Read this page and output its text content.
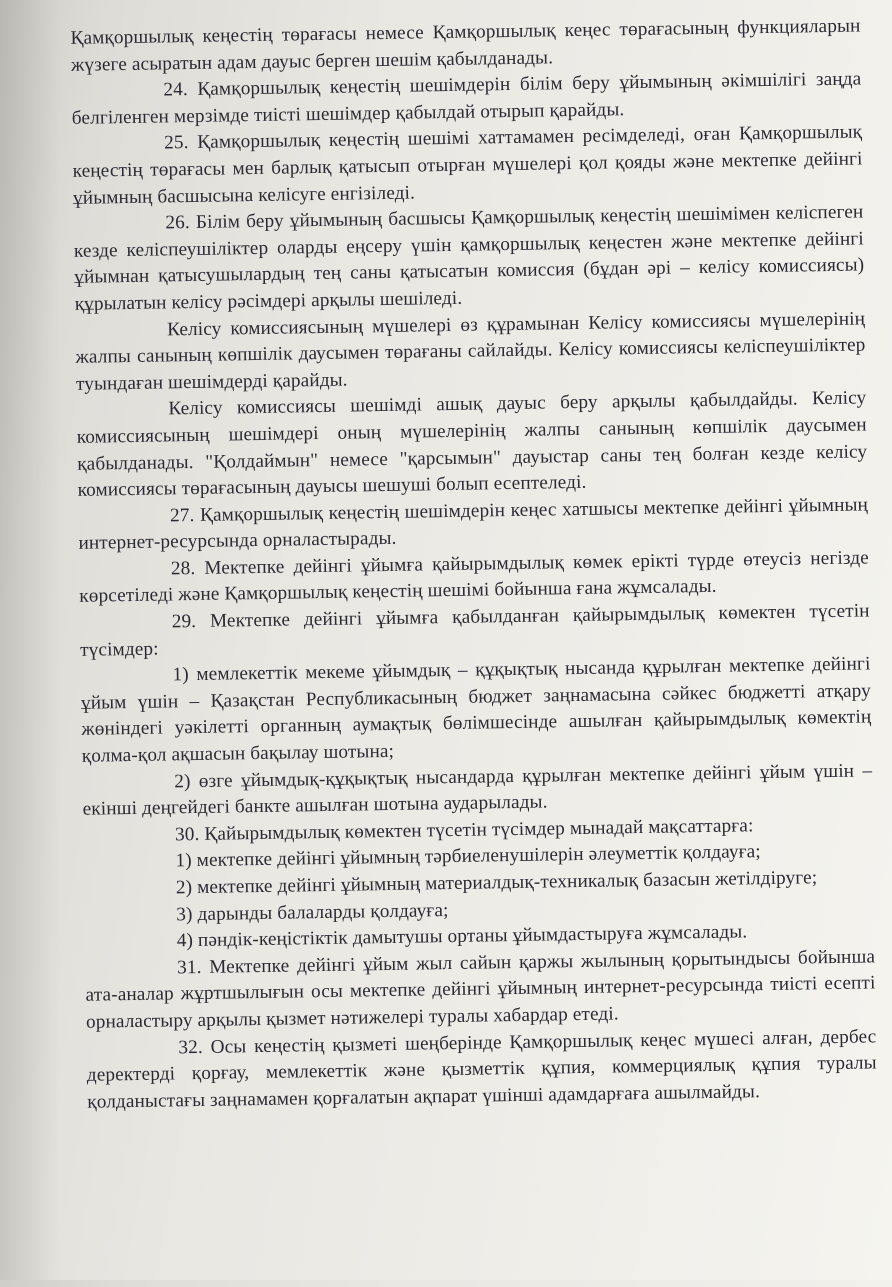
Қамқоршылық кеңестің төрағасы немесе Қамқоршылық кеңес төрағасының функцияларын жүзеге асыратын адам дауыс берген шешім қабылданады.

24. Қамқоршылық кеңестің шешімдерін білім беру ұйымының әкімшілігі заңда белгіленген мерзімде тиісті шешімдер қабылдай отырып қарайды.

25. Қамқоршылық кеңестің шешімі хаттамамен ресімделеді, оған Қамқоршылық кеңестің төрағасы мен барлық қатысып отырған мүшелері қол қояды және мектепке дейінгі ұйымның басшысына келісуге енгізіледі.

26. Білім беру ұйымының басшысы Қамқоршылық кеңестің шешімімен келіспеген кезде келіспеушіліктер оларды еңсеру үшін қамқоршылық кеңестен және мектепке дейінгі ұйымнан қатысушылардың тең саны қатысатын комиссия (бұдан әрі – келісу комиссиясы) құрылатын келісу рәсімдері арқылы шешіледі.

Келісу комиссиясының мүшелері өз құрамынан Келісу комиссиясы мүшелерінің жалпы санының көпшілік даусымен төрағаны сайлайды. Келісу комиссиясы келіспеушіліктер туындаған шешімдерді қарайды.

Келісу комиссиясы шешімді ашық дауыс беру арқылы қабылдайды. Келісу комиссиясының шешімдері оның мүшелерінің жалпы санының көпшілік даусымен қабылданады. "Қолдаймын" немесе "қарсымын" дауыстар саны тең болған кезде келісу комиссиясы төрағасының дауысы шешуші болып есептеледі.

27. Қамқоршылық кеңестің шешімдерін кеңес хатшысы мектепке дейінгі ұйымның интернет-ресурсында орналастырады.

28. Мектепке дейінгі ұйымға қайырымдылық көмек ерікті түрде өтеусіз негізде көрсетіледі және Қамқоршылық кеңестің шешімі бойынша ғана жұмсалады.

29. Мектепке дейінгі ұйымға қабылданған қайырымдылық көмектен түсетін түсімдер:

1) мемлекеттік мекеме ұйымдық – құқықтық нысанда құрылған мектепке дейінгі ұйым үшін – Қазақстан Республикасының бюджет заңнамасына сәйкес бюджетті атқару жөніндегі уәкілетті органның аумақтық бөлімшесінде ашылған қайырымдылық көмектің қолма-қол ақшасын бақылау шотына;

2) өзге ұйымдық-құқықтық нысандарда құрылған мектепке дейінгі ұйым үшін – екінші деңгейдегі банкте ашылған шотына аударылады.

30. Қайырымдылық көмектен түсетін түсімдер мынадай мақсаттарға:

1) мектепке дейінгі ұйымның тәрбиеленушілерін әлеуметтік қолдауға;

2) мектепке дейінгі ұйымның материалдық-техникалық базасын жетілдіруге;

3) дарынды балаларды қолдауға;

4) пәндік-кеңістіктік дамытушы ортаны ұйымдастыруға жұмсалады.

31. Мектепке дейінгі ұйым жыл сайын қаржы жылының қорытындысы бойынша ата-аналар жұртшылығын осы мектепке дейінгі ұйымның интернет-ресурсында тиісті есепті орналастыру арқылы қызмет нәтижелері туралы хабардар етеді.

32. Осы кеңестің қызметі шеңберінде Қамқоршылық кеңес мүшесі алған, дербес деректерді қорғау, мемлекеттік және қызметтік құпия, коммерциялық құпия туралы қолданыстағы заңнамамен қорғалатын ақпарат үшінші адамдарғаға ашылмайды.
